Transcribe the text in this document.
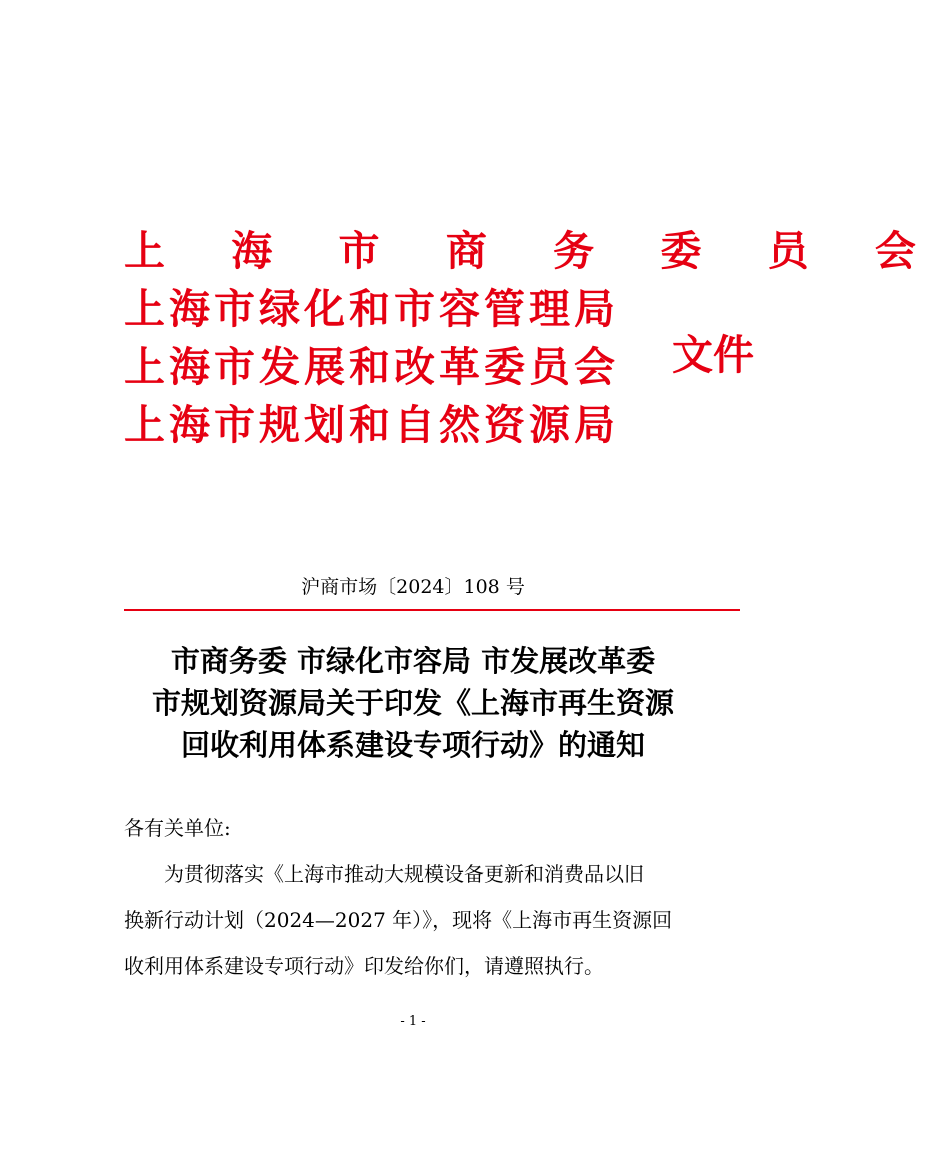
上 海 市 商 务 委 员 会
上海市绿化和市容管理局
上海市发展和改革委员会
上海市规划和自然资源局
文件
沪商市场〔2024〕108 号
市商务委 市绿化市容局 市发展改革委
市规划资源局关于印发《上海市再生资源
回收利用体系建设专项行动》的通知
各有关单位:
为贯彻落实《上海市推动大规模设备更新和消费品以旧
换新行动计划（2024—2027 年）》，现将《上海市再生资源回
收利用体系建设专项行动》印发给你们，请遵照执行。
- 1 -
